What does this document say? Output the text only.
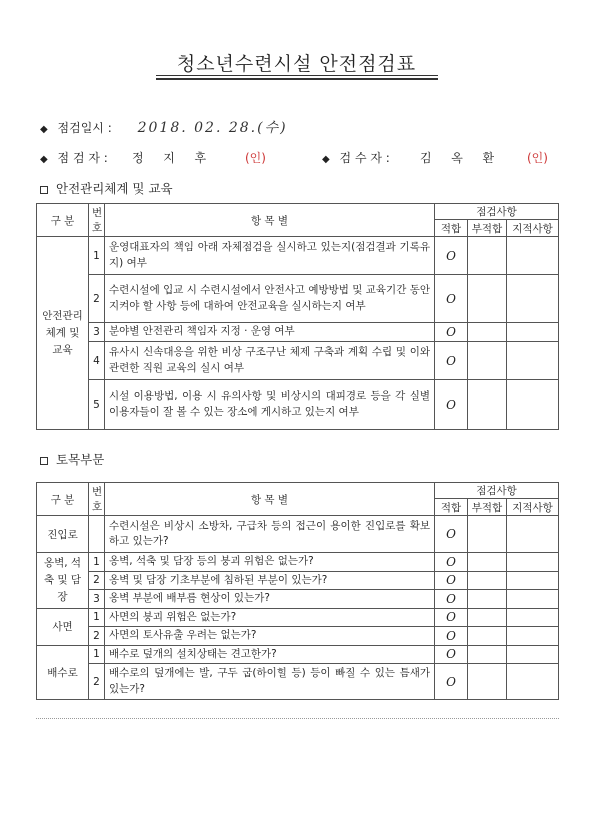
청소년수련시설 안전점검표
◆ 점검일시 : 2018. 02. 28.(수)
◆ 점 검 자 : 정  지  후	(인)	◆ 검 수 자 :	김  옥  환 (인)
안전관리체계 및 교육
구 분	번호	항 목 별	점검사항		
			적합	부적합	지적사항
안전관리 체계 및 교육	1	운영대표자의 책임 아래 자체점검을 실시하고 있는지(점검결과 기록유지) 여부	O		
	2	수련시설에 입교 시 수련시설에서 안전사고 예방방법 및 교육기간 동안 지켜야 할 사항 등에 대하여 안전교육을 실시하는지 여부	O		
	3	분야별 안전관리 책임자 지정 · 운영 여부	O		
	4	유사시 신속대응을 위한 비상 구조구난 체제 구축과 계획 수립 및 이와 관련한 직원 교육의 실시 여부	O		
	5	시설 이용방법, 이용 시 유의사항 및 비상시의 대피경로 등을 각 실별 이용자들이 잘 볼 수 있는 장소에 게시하고 있는지 여부	O		
토목부문
구 분	번호	항 목 별	점검사항		
			적합	부적합	지적사항
진입로		수련시설은 비상시 소방차, 구급차 등의 접근이 용이한 진입로를 확보하고 있는가?	O		
옹벽, 석축 및 담장	1	옹벽, 석축 및 담장 등의 붕괴 위험은 없는가?	O		
	2	옹벽 및 담장 기초부분에 침하된 부분이 있는가?	O		
	3	옹벽 부분에 배부름 현상이 있는가?	O		
사면	1	사면의 붕괴 위험은 없는가?	O		
	2	사면의 토사유출 우려는 없는가?	O		
배수로	1	배수로 덮개의 설치상태는 견고한가?	O		
	2	배수로의 덮개에는 발, 구두 굽(하이힐 등) 등이 빠질 수 있는 틈새가 있는가?	O		
